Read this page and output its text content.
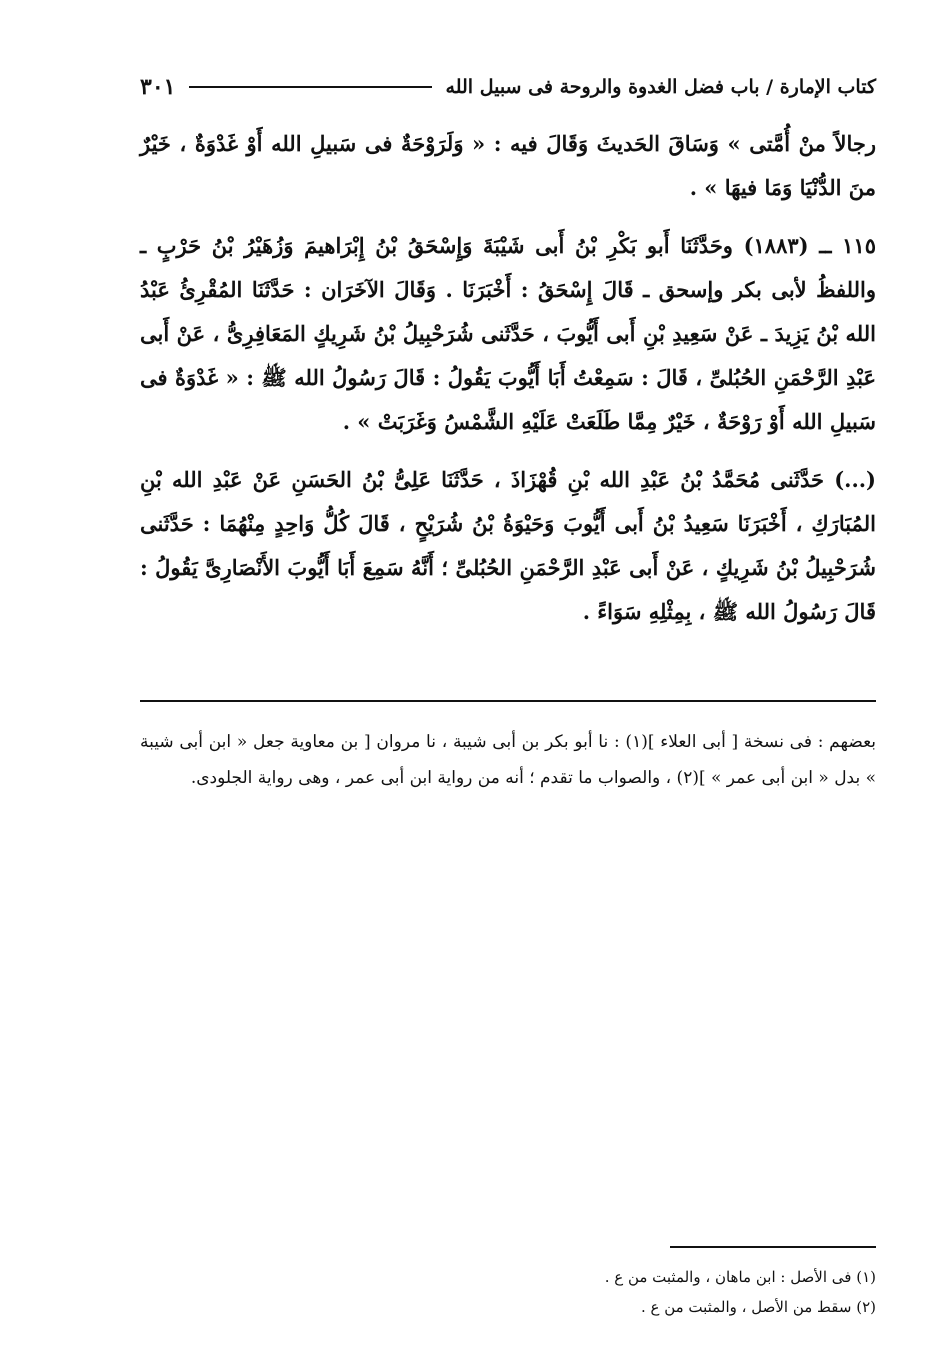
كتاب الإمارة / باب فضل الغدوة والروحة فى سبيل الله
٣٠١

رجالاً منْ أُمَّتى » وَسَاقَ الحَديثَ وَقَالَ فيه : « وَلَرَوْحَةٌ فى سَبيلِ الله أَوْ غَدْوَةٌ ، خَيْرٌ منَ الدُّنْيَا وَمَا فيهَا » .

١١٥ ــ (١٨٨٣) وحَدَّثَنَا أَبو بَكْرِ بْنُ أَبى شَيْبَةَ وَإِسْحَقُ بْنُ إِبْرَاهيمَ وَزُهَيْرُ بْنُ حَرْبٍ ـ واللفظُ لأبى بكر وإسحق ـ قَالَ إِسْحَقُ : أَخْبَرَنَا . وَقَالَ الآخَرَان : حَدَّثَنَا المُقْرِئُ عَبْدُ الله بْنُ يَزِيدَ ـ عَنْ سَعِيدِ بْنِ أَبى أَيُّوبَ ، حَدَّثَنى شُرَحْبِيلُ بْنُ شَرِيكٍ المَعَافِرِىُّ ، عَنْ أَبى عَبْدِ الرَّحْمَنِ الحُبُلىِّ ، قَالَ : سَمِعْتُ أَبَا أَيُّوبَ يَقُولُ : قَالَ رَسُولُ الله ﷺ : « غَدْوَةٌ فى سَبيلِ الله أَوْ رَوْحَةٌ ، خَيْرٌ مِمَّا طَلَعَتْ عَلَيْهِ الشَّمْسُ وَغَرَبَتْ » .

(...) حَدَّثَنى مُحَمَّدُ بْنُ عَبْدِ الله بْنِ قُهْزَاذَ ، حَدَّثَنَا عَلِىُّ بْنُ الحَسَنِ عَنْ عَبْدِ الله بْنِ المُبَارَكِ ، أَخْبَرَنَا سَعِيدُ بْنُ أَبى أَيُّوبَ وَحَيْوَةُ بْنُ شُرَيْحٍ ، قَالَ كُلُّ وَاحِدٍ مِنْهُمَا : حَدَّثَنى شُرَحْبِيلُ بْنُ شَرِيكٍ ، عَنْ أَبى عَبْدِ الرَّحْمَنِ الحُبُلىِّ ؛ أَنَّهُ سَمِعَ أَبَا أَيُّوبَ الأَنْصَارِىَّ يَقُولُ : قَالَ رَسُولُ الله ﷺ ، بِمِثْلِهِ سَوَاءً .

بعضهم : فى نسخة [ أبى العلاء ](١) : نا أبو بكر بن أبى شيبة ، نا مروان [ بن معاوية جعل « ابن أبى شيبة » بدل « ابن أبى عمر » ](٢) ، والصواب ما تقدم ؛ أنه من رواية ابن أبى عمر ، وهى رواية الجلودى.

(١) فى الأصل : ابن ماهان ، والمثبت من ع .
(٢) سقط من الأصل ، والمثبت من ع .
